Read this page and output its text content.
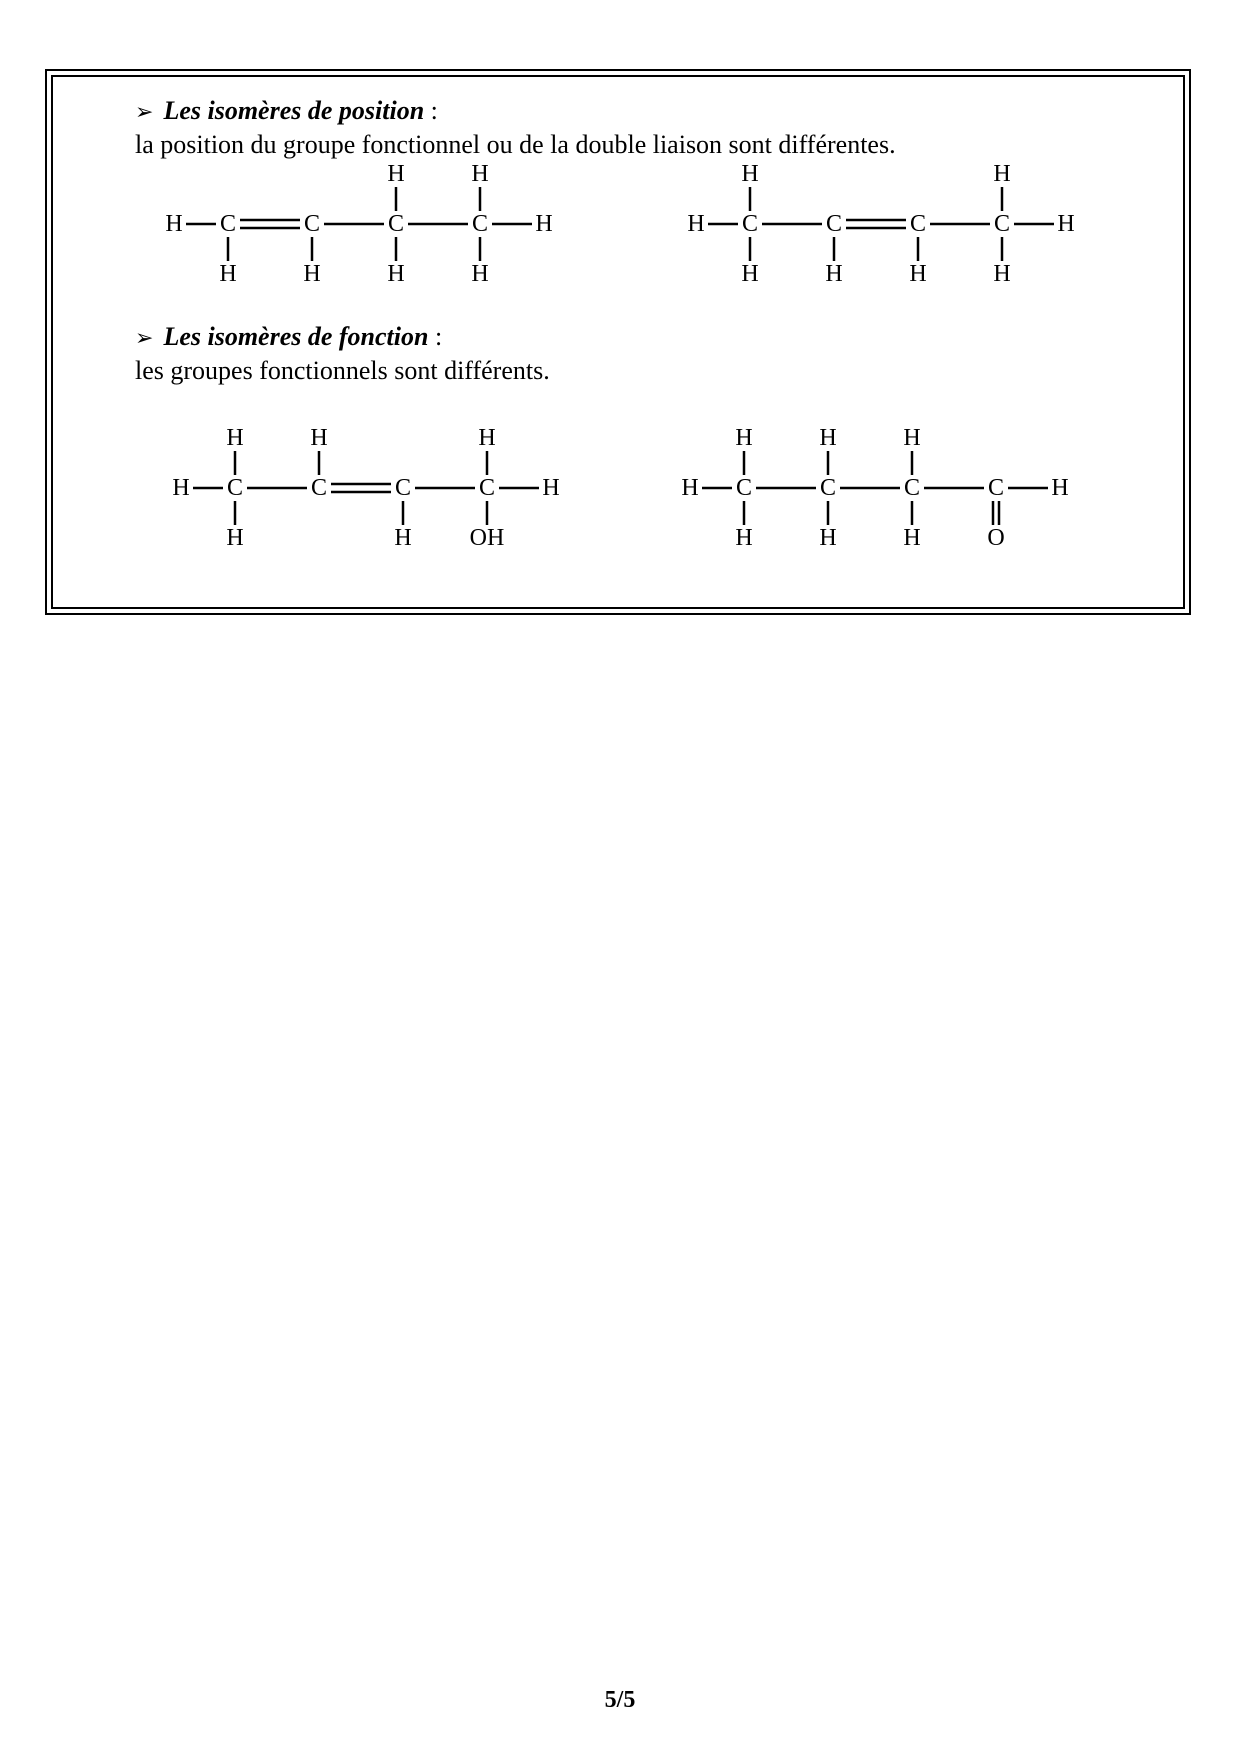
➢ Les isomères de position :
la position du groupe fonctionnel ou de la double liaison sont différentes.
➢ Les isomères de fonction :
les groupes fonctionnels sont différents.
H C
H
C
H
C
H
H
C
H
H
H	H C
H
H
C
H
C
H
C
H
H
H
H C
H
H
C
H
C
H
C
H
OH
H	H C
H
H
C
H
H
C
H
H
C
O
H
5/5
